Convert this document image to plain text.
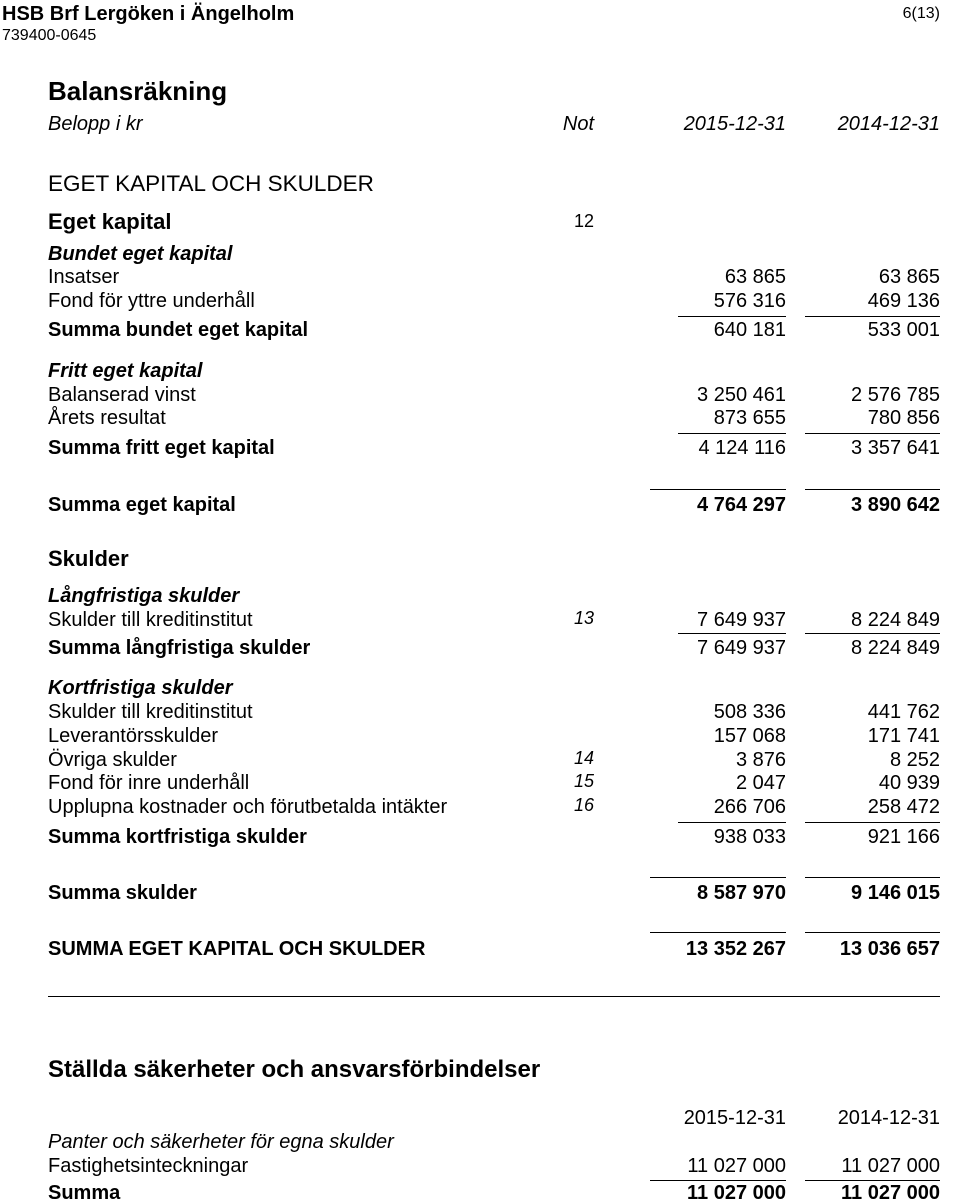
HSB Brf Lergöken i Ängelholm
739400-0645
6(13)
Balansräkning
Belopp i kr	Not	2015-12-31	2014-12-31
EGET KAPITAL OCH SKULDER
Eget kapital	12
Bundet eget kapital
Insatser	63 865	63 865
Fond för yttre underhåll	576 316	469 136
Summa bundet eget kapital	640 181	533 001
Fritt eget kapital
Balanserad vinst	3 250 461	2 576 785
Årets resultat	873 655	780 856
Summa fritt eget kapital	4 124 116	3 357 641
Summa eget kapital	4 764 297	3 890 642
Skulder
Långfristiga skulder
Skulder till kreditinstitut	13	7 649 937	8 224 849
Summa långfristiga skulder	7 649 937	8 224 849
Kortfristiga skulder
Skulder till kreditinstitut	508 336	441 762
Leverantörsskulder	157 068	171 741
Övriga skulder	14	3 876	8 252
Fond för inre underhåll	15	2 047	40 939
Upplupna kostnader och förutbetalda intäkter	16	266 706	258 472
Summa kortfristiga skulder	938 033	921 166
Summa skulder	8 587 970	9 146 015
SUMMA EGET KAPITAL OCH SKULDER	13 352 267	13 036 657
Ställda säkerheter och ansvarsförbindelser
2015-12-31	2014-12-31
Panter och säkerheter för egna skulder
Fastighetsinteckningar	11 027 000	11 027 000
Summa	11 027 000	11 027 000
